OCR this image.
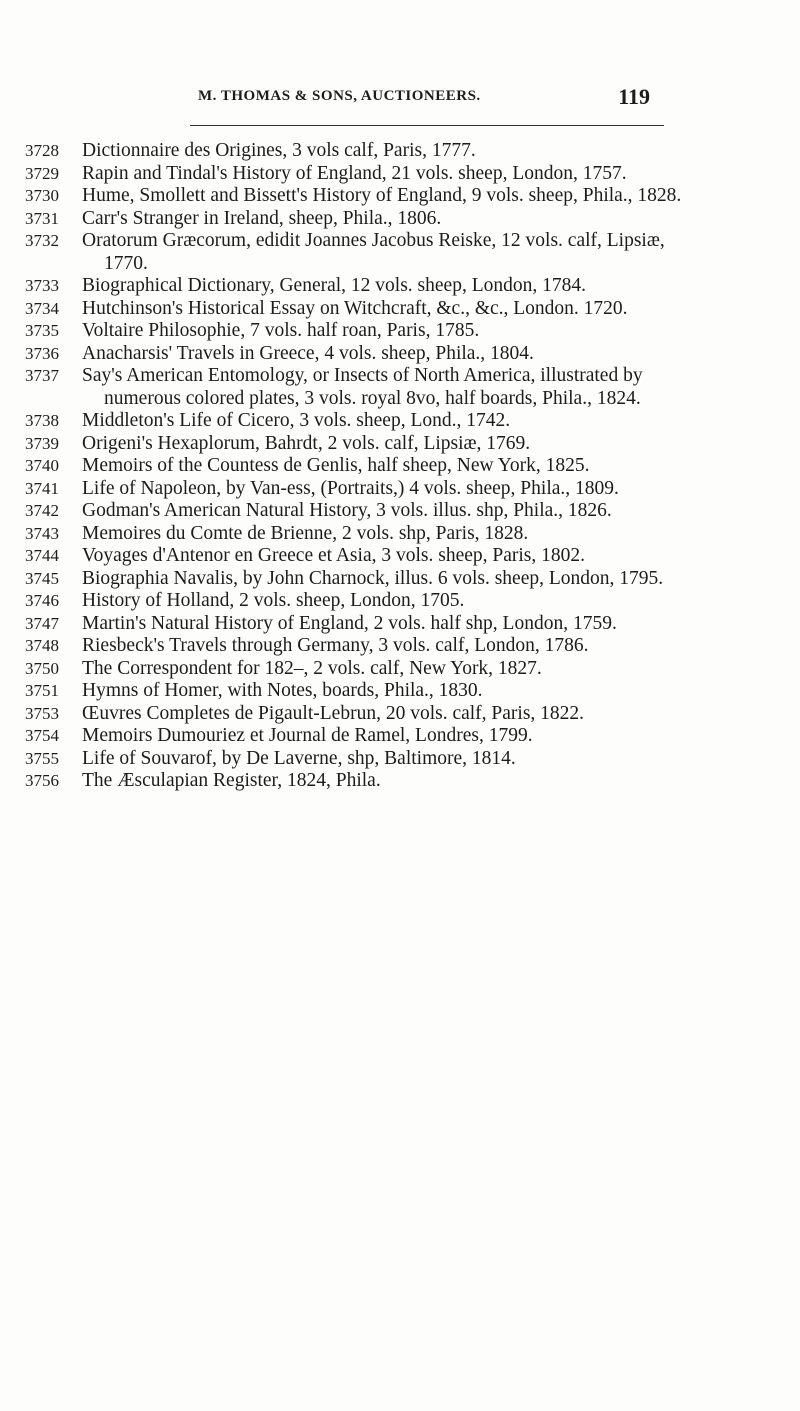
M. THOMAS & SONS, AUCTIONEERS.	119
3728	Dictionnaire des Origines, 3 vols calf, Paris, 1777.
3729	Rapin and Tindal's History of England, 21 vols. sheep, London, 1757.
3730	Hume, Smollett and Bissett's History of England, 9 vols. sheep, Phila., 1828.
3731	Carr's Stranger in Ireland, sheep, Phila., 1806.
3732	Oratorum Græcorum, edidit Joannes Jacobus Reiske, 12 vols. calf, Lipsiæ, 1770.
3733	Biographical Dictionary, General, 12 vols. sheep, London, 1784.
3734	Hutchinson's Historical Essay on Witchcraft, &c., &c., London. 1720.
3735	Voltaire Philosophie, 7 vols. half roan, Paris, 1785.
3736	Anacharsis' Travels in Greece, 4 vols. sheep, Phila., 1804.
3737	Say's American Entomology, or Insects of North America, illustrated by numerous colored plates, 3 vols. royal 8vo, half boards, Phila., 1824.
3738	Middleton's Life of Cicero, 3 vols. sheep, Lond., 1742.
3739	Origeni's Hexaplorum, Bahrdt, 2 vols. calf, Lipsiæ, 1769.
3740	Memoirs of the Countess de Genlis, half sheep, New York, 1825.
3741	Life of Napoleon, by Van-ess, (Portraits,) 4 vols. sheep, Phila., 1809.
3742	Godman's American Natural History, 3 vols. illus. shp, Phila., 1826.
3743	Memoires du Comte de Brienne, 2 vols. shp, Paris, 1828.
3744	Voyages d'Antenor en Greece et Asia, 3 vols. sheep, Paris, 1802.
3745	Biographia Navalis, by John Charnock, illus. 6 vols. sheep, London, 1795.
3746	History of Holland, 2 vols. sheep, London, 1705.
3747	Martin's Natural History of England, 2 vols. half shp, London, 1759.
3748	Riesbeck's Travels through Germany, 3 vols. calf, London, 1786.
3750	The Correspondent for 182–, 2 vols. calf, New York, 1827.
3751	Hymns of Homer, with Notes, boards, Phila., 1830.
3753	Œuvres Completes de Pigault-Lebrun, 20 vols. calf, Paris, 1822.
3754	Memoirs Dumouriez et Journal de Ramel, Londres, 1799.
3755	Life of Souvarof, by De Laverne, shp, Baltimore, 1814.
3756	The Æsculapian Register, 1824, Phila.
